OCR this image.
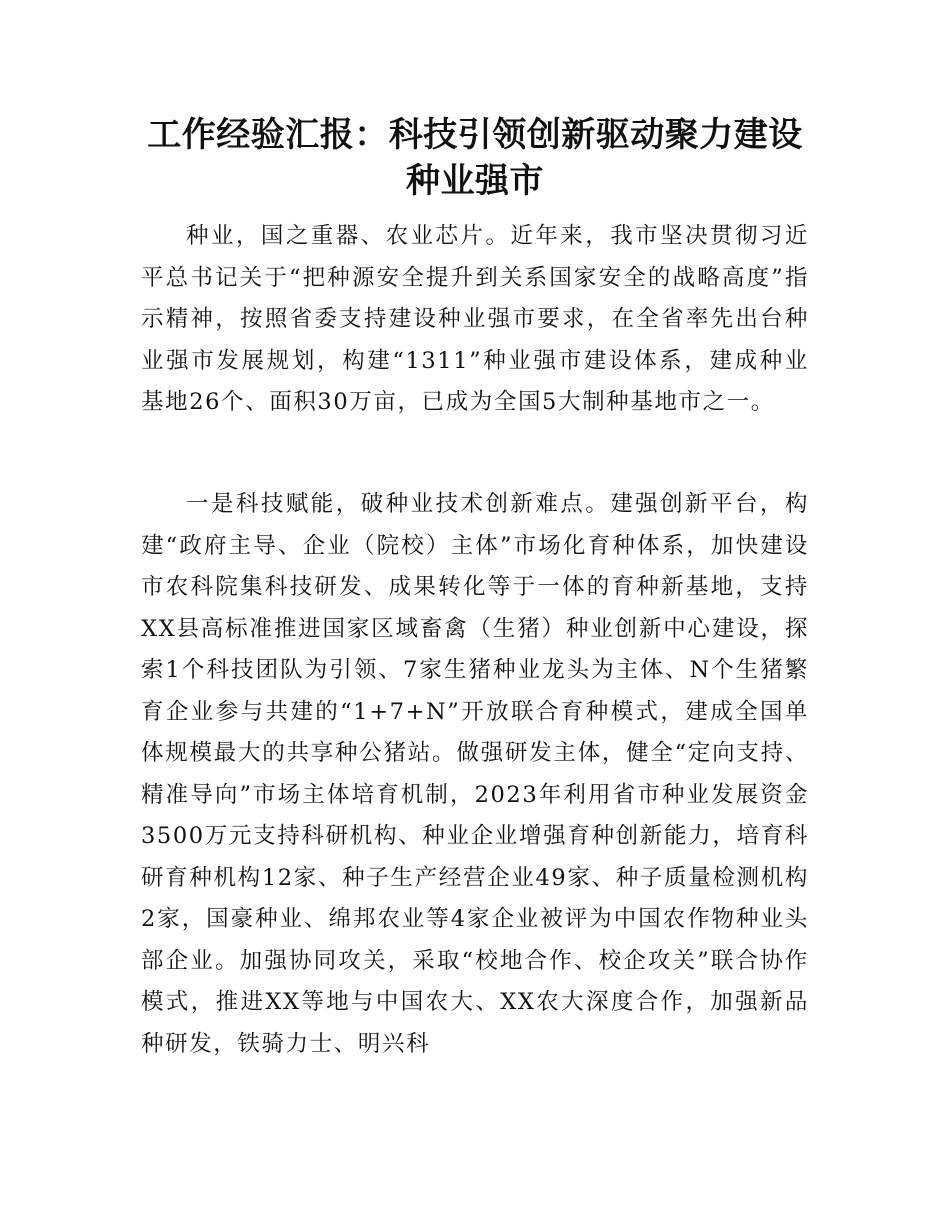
工作经验汇报：科技引领创新驱动聚力建设种业强市

种业，国之重器、农业芯片。近年来，我市坚决贯彻习近平总书记关于“把种源安全提升到关系国家安全的战略高度”指示精神，按照省委支持建设种业强市要求，在全省率先出台种业强市发展规划，构建“1311”种业强市建设体系，建成种业基地26个、面积30万亩，已成为全国5大制种基地市之一。

一是科技赋能，破种业技术创新难点。建强创新平台，构建“政府主导、企业（院校）主体”市场化育种体系，加快建设市农科院集科技研发、成果转化等于一体的育种新基地，支持XX县高标准推进国家区域畜禽（生猪）种业创新中心建设，探索1个科技团队为引领、7家生猪种业龙头为主体、N个生猪繁育企业参与共建的“1+7+N”开放联合育种模式，建成全国单体规模最大的共享种公猪站。做强研发主体，健全“定向支持、精准导向”市场主体培育机制，2023年利用省市种业发展资金3500万元支持科研机构、种业企业增强育种创新能力，培育科研育种机构12家、种子生产经营企业49家、种子质量检测机构2家，国豪种业、绵邦农业等4家企业被评为中国农作物种业头部企业。加强协同攻关，采取“校地合作、校企攻关”联合协作模式，推进XX等地与中国农大、XX农大深度合作，加强新品种研发，铁骑力士、明兴科
